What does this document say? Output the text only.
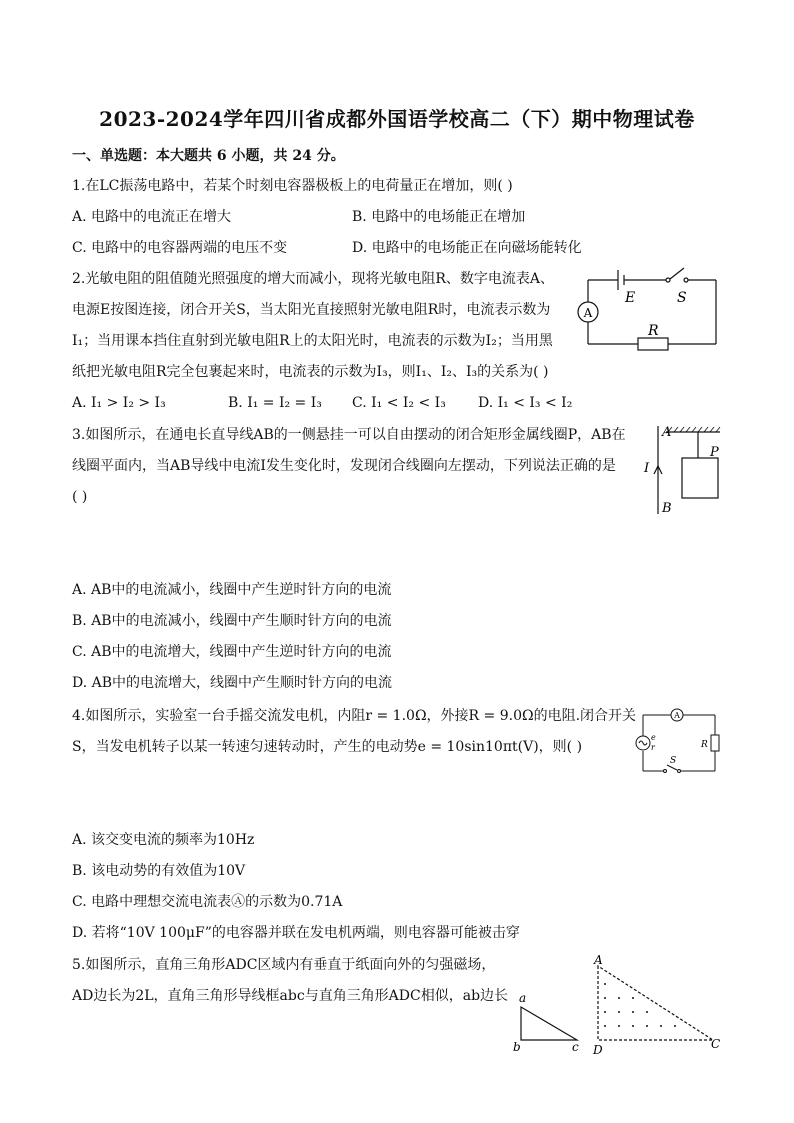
2023-2024学年四川省成都外国语学校高二（下）期中物理试卷
一、单选题：本大题共 6 小题，共 24 分。
1.在LC振荡电路中，若某个时刻电容器极板上的电荷量正在增加，则( )
A. 电路中的电流正在增大	B. 电路中的电场能正在增加
C. 电路中的电容器两端的电压不变	D. 电路中的电场能正在向磁场能转化
2.光敏电阻的阻值随光照强度的增大而减小，现将光敏电阻R、数字电流表A、
电源E按图连接，闭合开关S，当太阳光直接照射光敏电阻R时，电流表示数为
I₁；当用课本挡住直射到光敏电阻R上的太阳光时，电流表的示数为I₂；当用黑
纸把光敏电阻R完全包裹起来时，电流表的示数为I₃，则I₁、I₂、I₃的关系为( )
A. I₁ > I₂ > I₃	B. I₁ = I₂ = I₃ C. I₁ < I₂ < I₃ D. I₁ < I₃ < I₂
E	S
A
R
3.如图所示，在通电长直导线AB的一侧悬挂一可以自由摆动的闭合矩形金属线圈P，AB在
线圈平面内，当AB导线中电流I发生变化时，发现闭合线圈向左摆动，下列说法正确的是
( )
A. AB中的电流减小，线圈中产生逆时针方向的电流
B. AB中的电流减小，线圈中产生顺时针方向的电流
C. AB中的电流增大，线圈中产生逆时针方向的电流
D. AB中的电流增大，线圈中产生顺时针方向的电流
A
B
I
P
4.如图所示，实验室一台手摇交流发电机，内阻r = 1.0Ω，外接R = 9.0Ω的电阻.闭合开关
S，当发电机转子以某一转速匀速转动时，产生的电动势e = 10sin10πt(V)，则( )
A. 该交变电流的频率为10Hz
B. 该电动势的有效值为10V
C. 电路中理想交流电流表Ⓐ的示数为0.71A
D. 若将“10V 100μF”的电容器并联在发电机两端，则电容器可能被击穿
A
e
r	R
S
5.如图所示，直角三角形ADC区域内有垂直于纸面向外的匀强磁场，
AD边长为2L，直角三角形导线框abc与直角三角形ADC相似，ab边长 a
b	c
A
D	C
